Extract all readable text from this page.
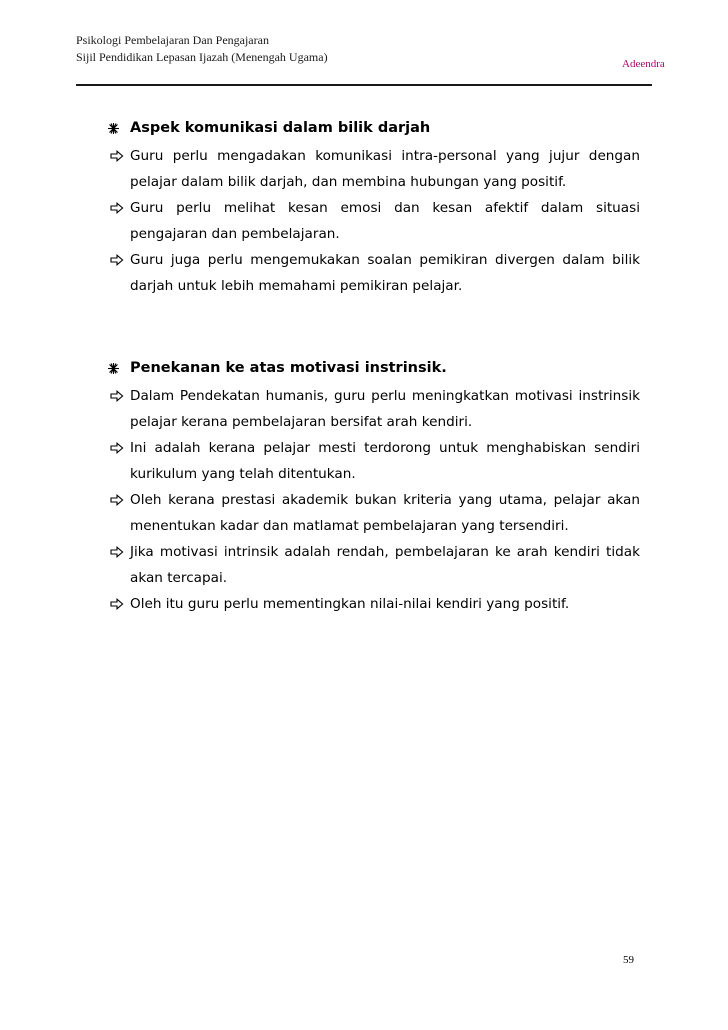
Psikologi Pembelajaran Dan Pengajaran
Sijil Pendidikan Lepasan Ijazah (Menengah Ugama)	Adeendra
Aspek komunikasi dalam bilik darjah
Guru perlu mengadakan komunikasi intra-personal yang jujur dengan pelajar dalam bilik darjah, dan membina hubungan yang positif.
Guru perlu melihat kesan emosi dan kesan afektif dalam situasi pengajaran dan pembelajaran.
Guru juga perlu mengemukakan soalan pemikiran divergen dalam bilik darjah untuk lebih memahami pemikiran pelajar.
Penekanan ke atas motivasi instrinsik.
Dalam Pendekatan humanis, guru perlu meningkatkan motivasi instrinsik pelajar kerana pembelajaran bersifat arah kendiri.
Ini adalah kerana pelajar mesti terdorong untuk menghabiskan sendiri kurikulum yang telah ditentukan.
Oleh kerana prestasi akademik bukan kriteria yang utama, pelajar akan menentukan kadar dan matlamat pembelajaran yang tersendiri.
Jika motivasi intrinsik adalah rendah, pembelajaran ke arah kendiri tidak akan tercapai.
Oleh itu guru perlu mementingkan nilai-nilai kendiri yang positif.
59
